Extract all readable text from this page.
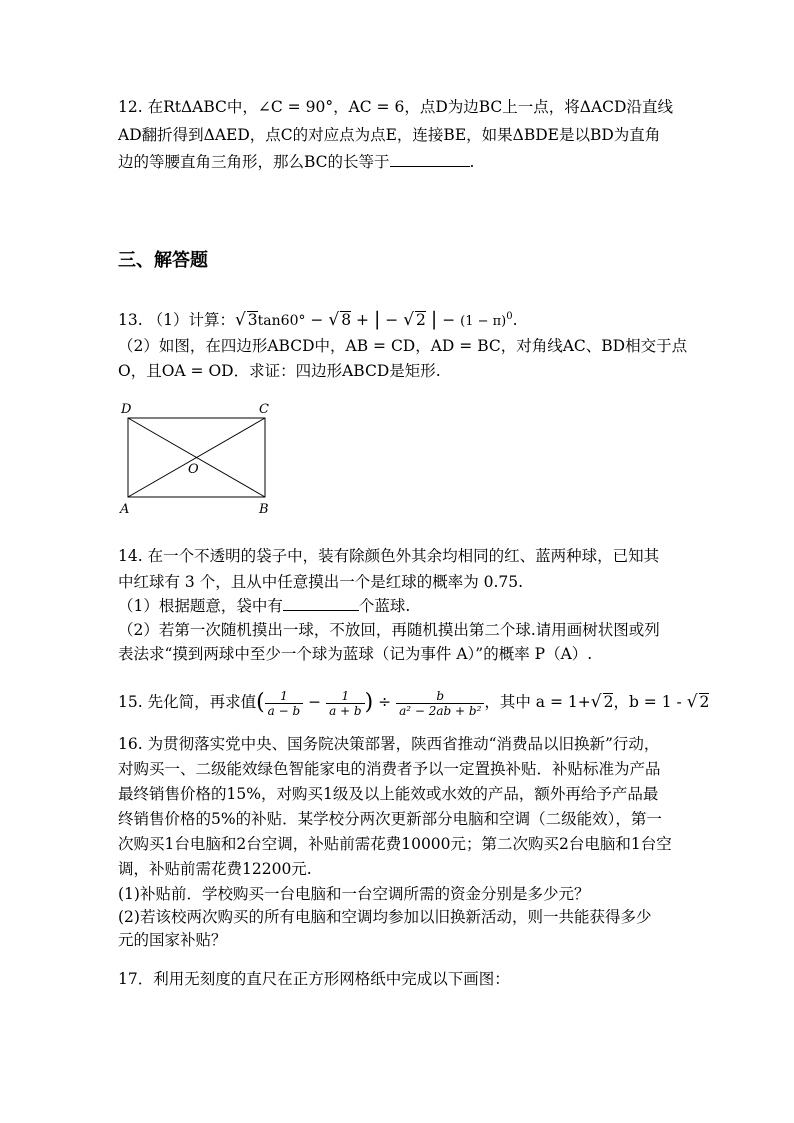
12. 在RtΔABC中，∠C = 90°，AC = 6，点D为边BC上一点，将ΔACD沿直线
AD翻折得到ΔAED，点C的对应点为点E，连接BE，如果ΔBDE是以BD为直角
边的等腰直角三角形，那么BC的长等于	.
三、解答题
13. （1）计算：√ 3tan60° − √ 8 + | − √ 2 | − $(1 - \pi)^0$.
（2）如图，在四边形ABCD中，AB = CD，AD = BC，对角线AC、BD相交于点
O，且OA = OD．求证：四边形ABCD是矩形.
D	C
O
A	B
14. 在一个不透明的袋子中，装有除颜色外其余均相同的红、蓝两种球，已知其
中红球有 3 个，且从中任意摸出一个是红球的概率为 0.75.
（1）根据题意，袋中有	个蓝球.
（2）若第一次随机摸出一球，不放回，再随机摸出第二个球.请用画树状图或列
表法求“摸到两球中至少一个球为蓝球（记为事件 A）”的概率 P（A）.
15. 先化简，再求值( $\frac{1}{a - b} - \frac{1}{a + b}$ ) ÷ $\frac{b}{\text{a² − 2ab + b²}}$ ，其中 a = 1+√ 2，b = 1 - √ 2
16. 为贯彻落实党中央、国务院决策部署，陕西省推动“消费品以旧换新”行动，
对购买一、二级能效绿色智能家电的消费者予以一定置换补贴．补贴标准为产品
最终销售价格的15%，对购买1级及以上能效或水效的产品，额外再给予产品最
终销售价格的5%的补贴．某学校分两次更新部分电脑和空调（二级能效），第一
次购买1台电脑和2台空调，补贴前需花费10000元；第二次购买2台电脑和1台空
调，补贴前需花费12200元.
(1)补贴前．学校购买一台电脑和一台空调所需的资金分别是多少元？
(2)若该校两次购买的所有电脑和空调均参加以旧换新活动，则一共能获得多少
元的国家补贴？
17．利用无刻度的直尺在正方形网格纸中完成以下画图：
